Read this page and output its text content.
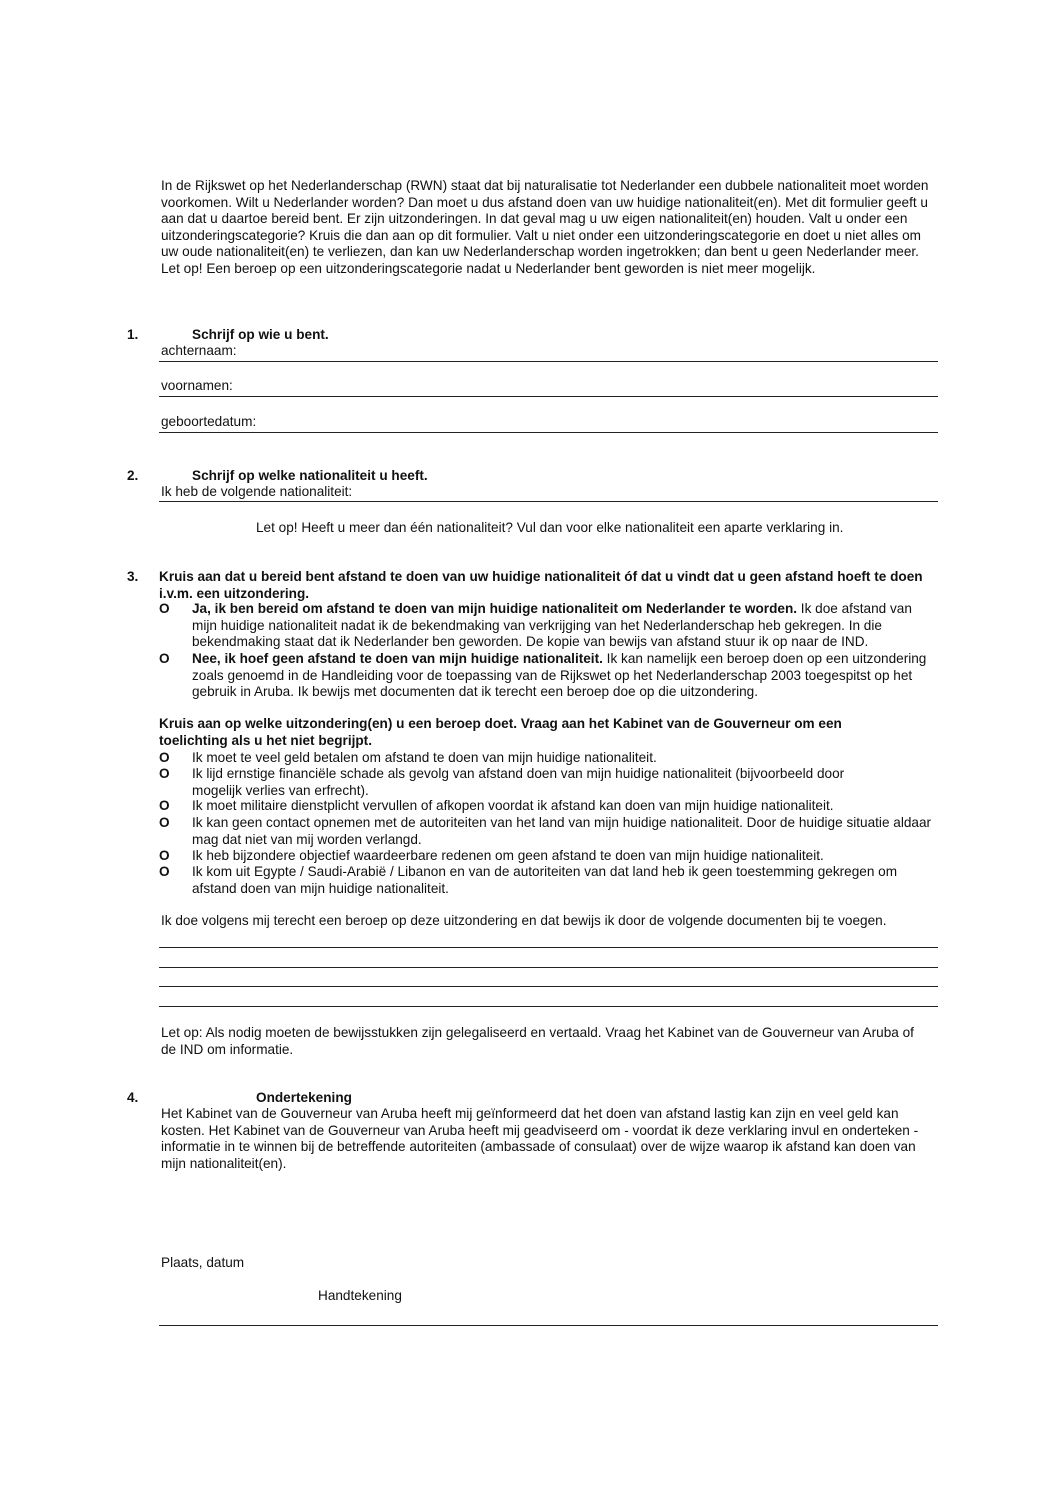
In de Rijkswet op het Nederlanderschap (RWN) staat dat bij naturalisatie tot Nederlander een dubbele nationaliteit moet worden voorkomen. Wilt u Nederlander worden? Dan moet u dus afstand doen van uw huidige nationaliteit(en). Met dit formulier geeft u aan dat u daartoe bereid bent. Er zijn uitzonderingen. In dat geval mag u uw eigen nationaliteit(en) houden. Valt u onder een uitzonderingscategorie? Kruis die dan aan op dit formulier. Valt u niet onder een uitzonderingscategorie en doet u niet alles om uw oude nationaliteit(en) te verliezen, dan kan uw Nederlanderschap worden ingetrokken; dan bent u geen Nederlander meer. Let op! Een beroep op een uitzonderingscategorie nadat u Nederlander bent geworden is niet meer mogelijk.
1.	Schrijf op wie u bent.
achternaam:
voornamen:
geboortedatum:
2.	Schrijf op welke nationaliteit u heeft.
Ik heb de volgende nationaliteit:
Let op! Heeft u meer dan één nationaliteit? Vul dan voor elke nationaliteit een aparte verklaring in.
3. Kruis aan dat u bereid bent afstand te doen van uw huidige nationaliteit óf dat u vindt dat u geen afstand hoeft te doen i.v.m. een uitzondering.
O Ja, ik ben bereid om afstand te doen van mijn huidige nationaliteit om Nederlander te worden. Ik doe afstand van mijn huidige nationaliteit nadat ik de bekendmaking van verkrijging van het Nederlanderschap heb gekregen. In die bekendmaking staat dat ik Nederlander ben geworden. De kopie van bewijs van afstand stuur ik op naar de IND.
O Nee, ik hoef geen afstand te doen van mijn huidige nationaliteit. Ik kan namelijk een beroep doen op een uitzondering zoals genoemd in de Handleiding voor de toepassing van de Rijkswet op het Nederlanderschap 2003 toegespitst op het gebruik in Aruba. Ik bewijs met documenten dat ik terecht een beroep doe op die uitzondering.
Kruis aan op welke uitzondering(en) u een beroep doet. Vraag aan het Kabinet van de Gouverneur om een toelichting als u het niet begrijpt.
O Ik moet te veel geld betalen om afstand te doen van mijn huidige nationaliteit.
O Ik lijd ernstige financiële schade als gevolg van afstand doen van mijn huidige nationaliteit (bijvoorbeeld door mogelijk verlies van erfrecht).
O Ik moet militaire dienstplicht vervullen of afkopen voordat ik afstand kan doen van mijn huidige nationaliteit.
O Ik kan geen contact opnemen met de autoriteiten van het land van mijn huidige nationaliteit. Door de huidige situatie aldaar mag dat niet van mij worden verlangd.
O Ik heb bijzondere objectief waardeerbare redenen om geen afstand te doen van mijn huidige nationaliteit.
O Ik kom uit Egypte / Saudi-Arabië / Libanon en van de autoriteiten van dat land heb ik geen toestemming gekregen om afstand doen van mijn huidige nationaliteit.
Ik doe volgens mij terecht een beroep op deze uitzondering en dat bewijs ik door de volgende documenten bij te voegen.
Let op: Als nodig moeten de bewijsstukken zijn gelegaliseerd en vertaald. Vraag het Kabinet van de Gouverneur van Aruba of de IND om informatie.
4.	Ondertekening
Het Kabinet van de Gouverneur van Aruba heeft mij geïnformeerd dat het doen van afstand lastig kan zijn en veel geld kan kosten. Het Kabinet van de Gouverneur van Aruba heeft mij geadviseerd om - voordat ik deze verklaring invul en onderteken - informatie in te winnen bij de betreffende autoriteiten (ambassade of consulaat) over de wijze waarop ik afstand kan doen van mijn nationaliteit(en).
Plaats, datum
Handtekening
